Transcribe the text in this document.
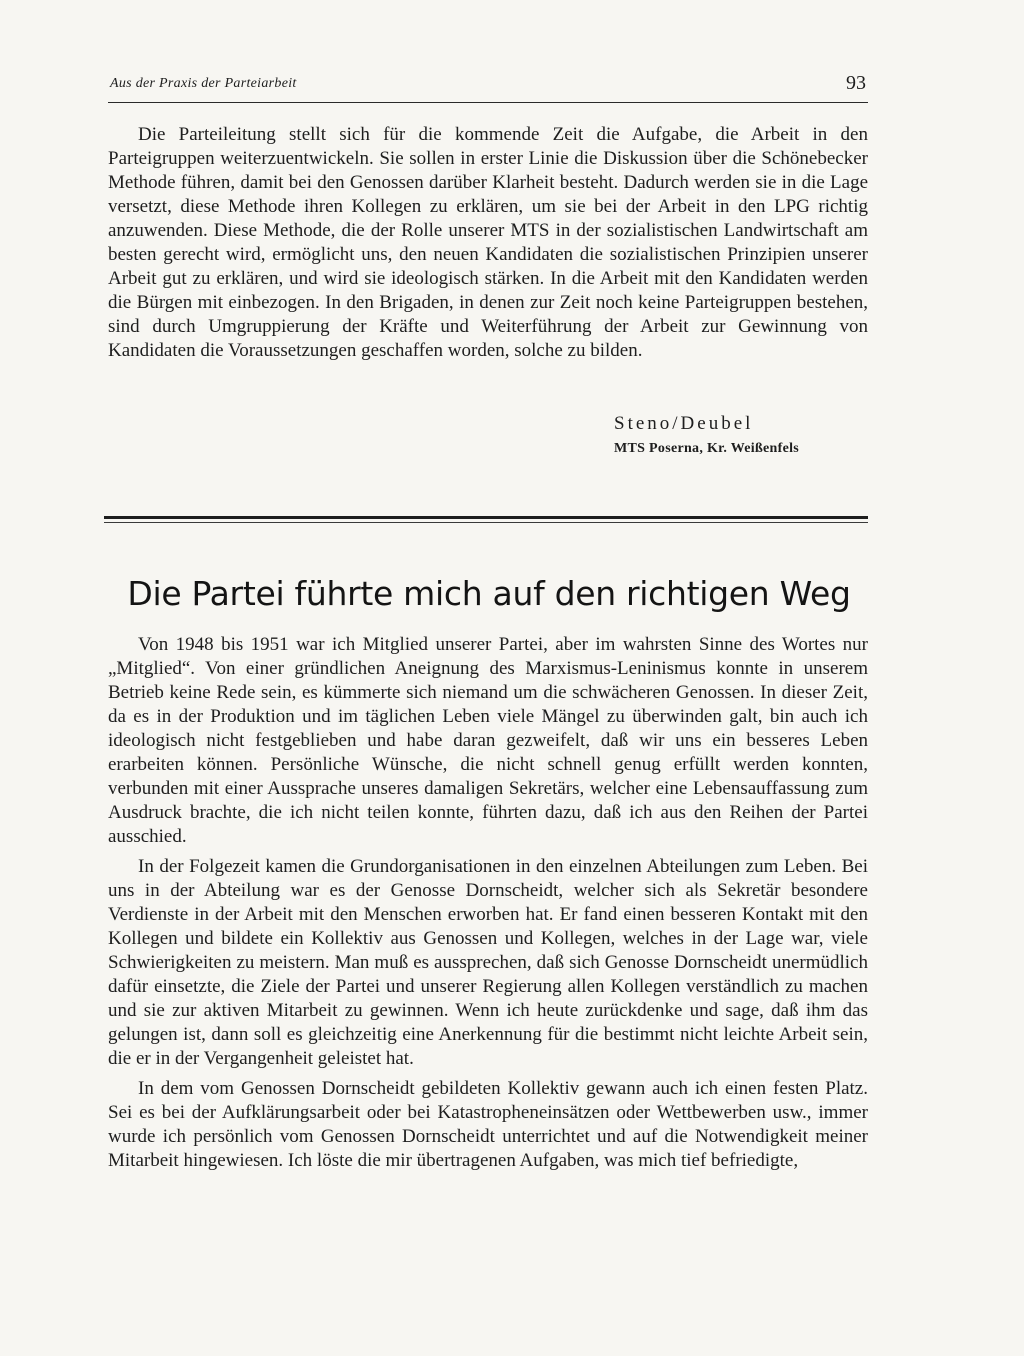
Aus der Praxis der Parteiarbeit	93

Die Parteileitung stellt sich für die kommende Zeit die Aufgabe, die Arbeit in den Parteigruppen weiterzuentwickeln. Sie sollen in erster Linie die Diskussion über die Schönebecker Methode führen, damit bei den Genossen darüber Klarheit besteht. Dadurch werden sie in die Lage versetzt, diese Methode ihren Kollegen zu erklären, um sie bei der Arbeit in den LPG richtig anzuwenden. Diese Methode, die der Rolle unserer MTS in der sozialistischen Landwirtschaft am besten gerecht wird, ermöglicht uns, den neuen Kandidaten die sozialistischen Prinzipien unserer Arbeit gut zu erklären, und wird sie ideologisch stärken. In die Arbeit mit den Kandidaten werden die Bürgen mit einbezogen. In den Brigaden, in denen zur Zeit noch keine Parteigruppen bestehen, sind durch Umgruppierung der Kräfte und Weiterführung der Arbeit zur Gewinnung von Kandidaten die Voraussetzungen geschaffen worden, solche zu bilden.

Steno/Deubel
MTS Poserna, Kr. Weißenfels
Die Partei führte mich auf den richtigen Weg

Von 1948 bis 1951 war ich Mitglied unserer Partei, aber im wahrsten Sinne des Wortes nur „Mitglied“. Von einer gründlichen Aneignung des Marxismus-Leninismus konnte in unserem Betrieb keine Rede sein, es kümmerte sich niemand um die schwächeren Genossen. In dieser Zeit, da es in der Produktion und im täglichen Leben viele Mängel zu überwinden galt, bin auch ich ideologisch nicht festgeblieben und habe daran gezweifelt, daß wir uns ein besseres Leben erarbeiten können. Persönliche Wünsche, die nicht schnell genug erfüllt werden konnten, verbunden mit einer Aussprache unseres damaligen Sekretärs, welcher eine Lebensauffassung zum Ausdruck brachte, die ich nicht teilen konnte, führten dazu, daß ich aus den Reihen der Partei ausschied.

In der Folgezeit kamen die Grundorganisationen in den einzelnen Abteilungen zum Leben. Bei uns in der Abteilung war es der Genosse Dornscheidt, welcher sich als Sekretär besondere Verdienste in der Arbeit mit den Menschen erworben hat. Er fand einen besseren Kontakt mit den Kollegen und bildete ein Kollektiv aus Genossen und Kollegen, welches in der Lage war, viele Schwierigkeiten zu meistern. Man muß es aussprechen, daß sich Genosse Dornscheidt unermüdlich dafür einsetzte, die Ziele der Partei und unserer Regierung allen Kollegen verständlich zu machen und sie zur aktiven Mitarbeit zu gewinnen. Wenn ich heute zurückdenke und sage, daß ihm das gelungen ist, dann soll es gleichzeitig eine Anerkennung für die bestimmt nicht leichte Arbeit sein, die er in der Vergangenheit geleistet hat.

In dem vom Genossen Dornscheidt gebildeten Kollektiv gewann auch ich einen festen Platz. Sei es bei der Aufklärungsarbeit oder bei Katastropheneinsätzen oder Wettbewerben usw., immer wurde ich persönlich vom Genossen Dornscheidt unterrichtet und auf die Notwendigkeit meiner Mitarbeit hingewiesen. Ich löste die mir übertragenen Aufgaben, was mich tief befriedigte,
